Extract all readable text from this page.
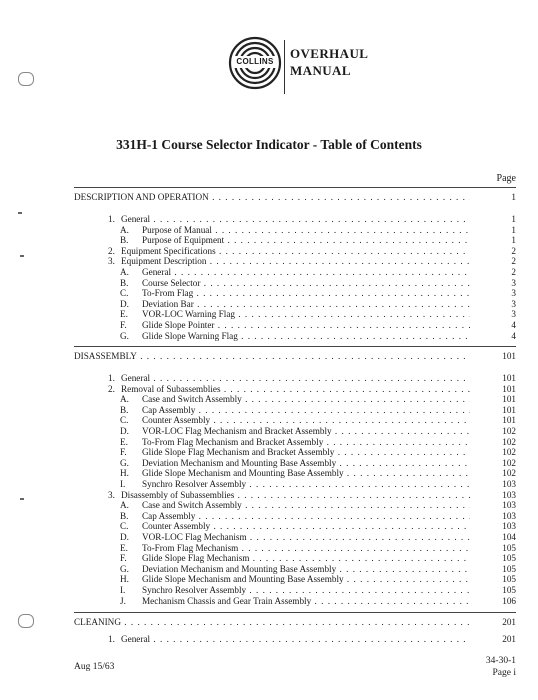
COLLINS
OVERHAUL
MANUAL
331H-1 Course Selector Indicator - Table of Contents
Page
DESCRIPTION AND OPERATION . . .	1
1. General . . .	1
A. Purpose of Manual . . .	1
B. Purpose of Equipment . . .	1
2. Equipment Specifications . . .	2
3. Equipment Description . . .	2
A. General . . .	2
B. Course Selector . . .	3
C. To-From Flag . . .	3
D. Deviation Bar . . .	3
E. VOR-LOC Warning Flag . . .	3
F. Glide Slope Pointer . . .	4
G. Glide Slope Warning Flag . . .	4
DISASSEMBLY . . .	101
1. General . . .	101
2. Removal of Subassemblies . . .	101
A. Case and Switch Assembly . . .	101
B. Cap Assembly . . .	101
C. Counter Assembly . . .	101
D. VOR-LOC Flag Mechanism and Bracket Assembly . . .	102
E. To-From Flag Mechanism and Bracket Assembly . . .	102
F. Glide Slope Flag Mechanism and Bracket Assembly . . .	102
G. Deviation Mechanism and Mounting Base Assembly . . .	102
H. Glide Slope Mechanism and Mounting Base Assembly . . .	102
I. Synchro Resolver Assembly . . .	103
3. Disassembly of Subassemblies . . .	103
A. Case and Switch Assembly . . .	103
B. Cap Assembly . . .	103
C. Counter Assembly . . .	103
D. VOR-LOC Flag Mechanism . . .	104
E. To-From Flag Mechanism . . .	105
F. Glide Slope Flag Mechanism . . .	105
G. Deviation Mechanism and Mounting Base Assembly . . .	105
H. Glide Slope Mechanism and Mounting Base Assembly . . .	105
I. Synchro Resolver Assembly . . .	105
J. Mechanism Chassis and Gear Train Assembly . . .	106
CLEANING . . .	201
1. General . . .	201
Aug 15/63
34-30-1
Page i
